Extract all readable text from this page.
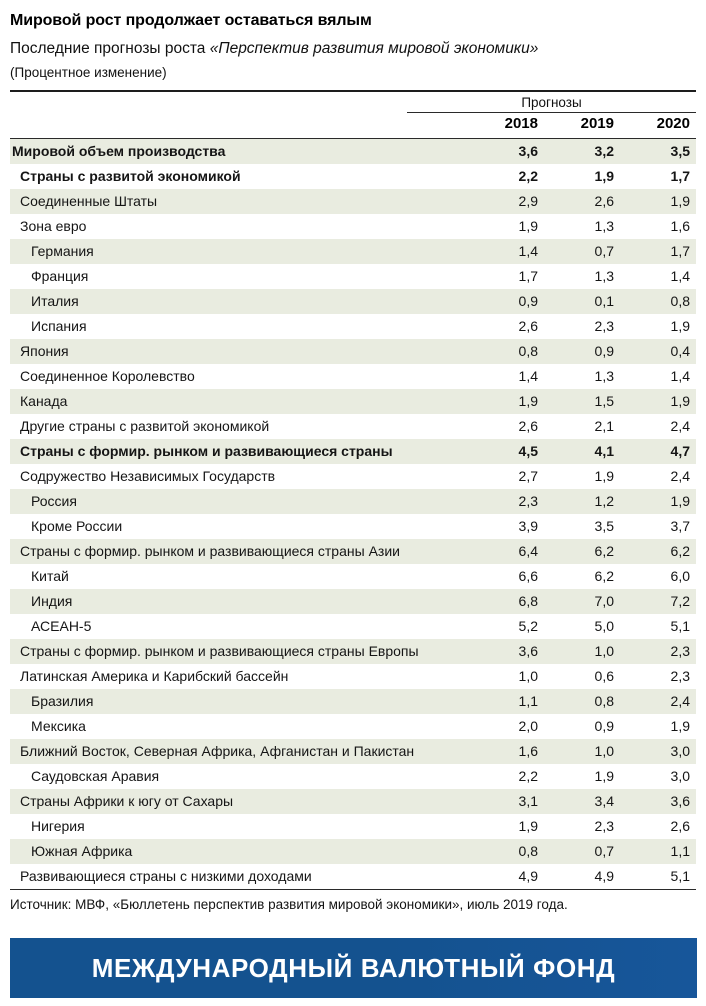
Мировой рост продолжает оставаться вялым
Последние прогнозы роста «Перспектив развития мировой экономики»
(Процентное изменение)
Прогнозы
2018	2019	2020
Мировой объем производства	3,6	3,2	3,5
Страны с развитой экономикой	2,2	1,9	1,7
Соединенные Штаты	2,9	2,6	1,9
Зона евро	1,9	1,3	1,6
Германия	1,4	0,7	1,7
Франция	1,7	1,3	1,4
Италия	0,9	0,1	0,8
Испания	2,6	2,3	1,9
Япония	0,8	0,9	0,4
Соединенное Королевство	1,4	1,3	1,4
Канада	1,9	1,5	1,9
Другие страны с развитой экономикой	2,6	2,1	2,4
Страны с формир. рынком и развивающиеся страны	4,5	4,1	4,7
Содружество Независимых Государств	2,7	1,9	2,4
Россия	2,3	1,2	1,9
Кроме России	3,9	3,5	3,7
Страны с формир. рынком и развивающиеся страны Азии	6,4	6,2	6,2
Китай	6,6	6,2	6,0
Индия	6,8	7,0	7,2
АСЕАН-5	5,2	5,0	5,1
Страны с формир. рынком и развивающиеся страны Европы	3,6	1,0	2,3
Латинская Америка и Карибский бассейн	1,0	0,6	2,3
Бразилия	1,1	0,8	2,4
Мексика	2,0	0,9	1,9
Ближний Восток, Северная Африка, Афганистан и Пакистан	1,6	1,0	3,0
Саудовская Аравия	2,2	1,9	3,0
Страны Африки к югу от Сахары	3,1	3,4	3,6
Нигерия	1,9	2,3	2,6
Южная Африка	0,8	0,7	1,1
Развивающиеся страны с низкими доходами	4,9	4,9	5,1
Источник: МВФ, «Бюллетень перспектив развития мировой экономики», июль 2019 года.
МЕЖДУНАРОДНЫЙ ВАЛЮТНЫЙ ФОНД
